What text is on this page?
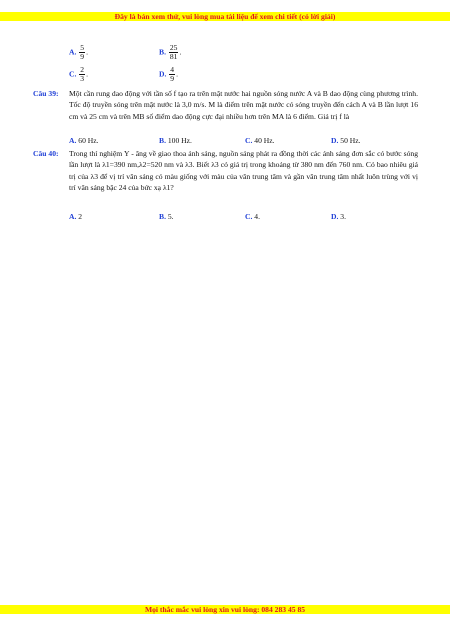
Đây là bản xem thử, vui lòng mua tài liệu để xem chi tiết (có lời giải)
A. $\frac{5}{9}$ .	B. $\frac{25}{81}$ .
C. $\frac{2}{3}$ .	D. $\frac{4}{9}$ .
Câu 39: Một cần rung dao động với tần số f tạo ra trên mặt nước hai nguồn sóng nước A và B dao động cùng phương trình. Tốc độ truyền sóng trên mặt nước là 3,0 m/s. M là điểm trên mặt nước có sóng truyền đến cách A và B lần lượt 16 cm và 25 cm và trên MB số điểm dao động cực đại nhiều hơn trên MA là 6 điểm. Giá trị f là
A. 60 Hz.	B. 100 Hz.	C. 40 Hz.	D. 50 Hz.
Câu 40: Trong thí nghiệm Y - âng về giao thoa ánh sáng, nguồn sáng phát ra đồng thời các ánh sáng đơn sắc có bước sóng lần lượt là λ1=390 nm,λ2=520 nm và λ3. Biết λ3 có giá trị trong khoảng từ 380 nm đến 760 nm. Có bao nhiêu giá trị của λ3 để vị trí vân sáng có màu giống với màu của vân trung tâm và gần vân trung tâm nhất luôn trùng với vị trí vân sáng bậc 24 của bức xạ λ1?
A. 2	B. 5.	C. 4.	D. 3.
Mọi thắc mắc vui lòng xin vui lòng: 084 283 45 85
